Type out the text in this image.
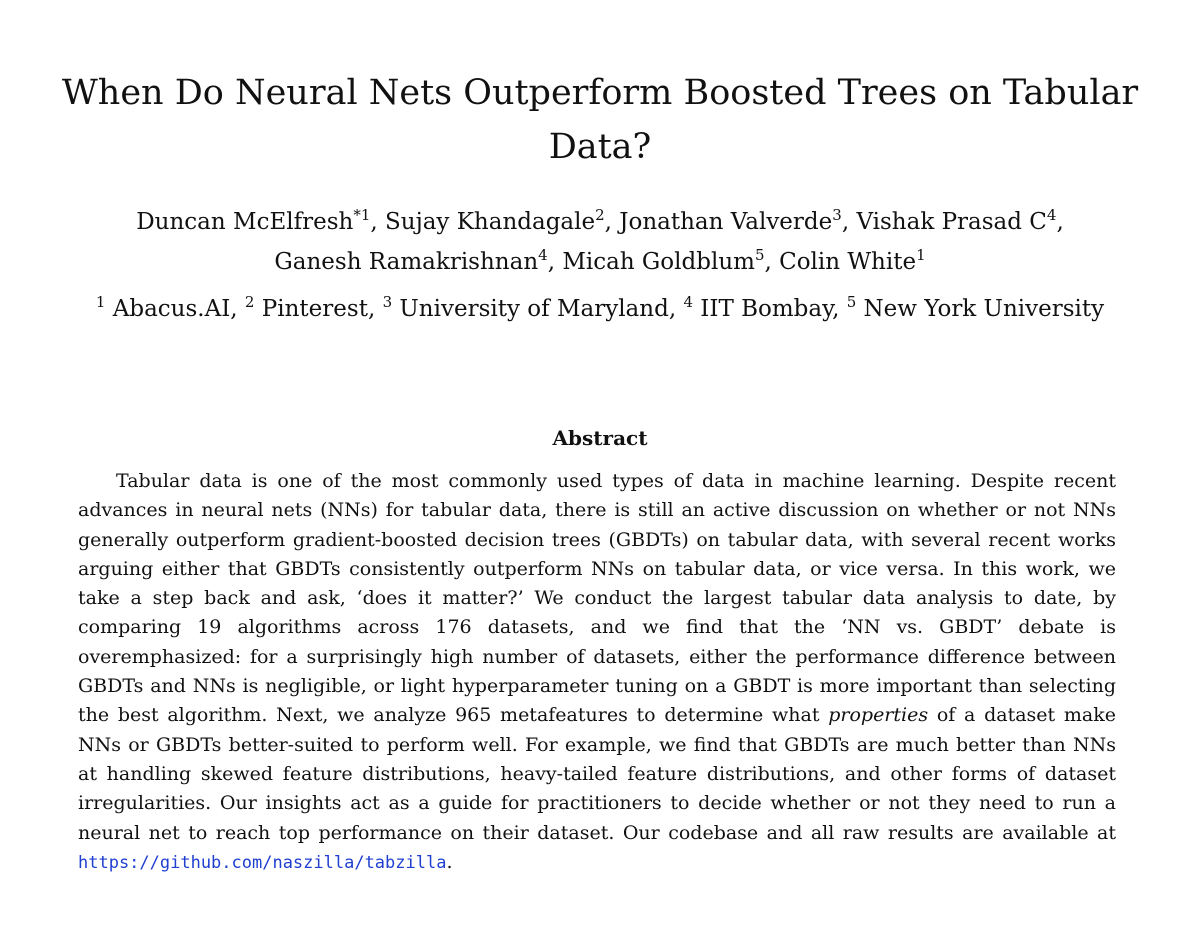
When Do Neural Nets Outperform Boosted Trees on Tabular Data?
Duncan McElfresh$^{*1}$, Sujay Khandagale$^2$, Jonathan Valverde$^3$, Vishak Prasad $C^4$,
Ganesh Ramakrishnan$^4$, Micah Goldblum$^5$, Colin White$^1$
$^1$ Abacus.AI, $^2$ Pinterest, $^3$ University of Maryland, $^4$ IIT Bombay, $^5$ New York University
Abstract

Tabular data is one of the most commonly used types of data in machine learning. Despite recent advances in neural nets (NNs) for tabular data, there is still an active discussion on whether or not NNs generally outperform gradient-boosted decision trees (GBDTs) on tabular data, with several recent works arguing either that GBDTs consistently outperform NNs on tabular data, or vice versa. In this work, we take a step back and ask, ‘does it matter?’ We conduct the largest tabular data analysis to date, by comparing 19 algorithms across 176 datasets, and we find that the ‘NN vs. GBDT’ debate is overemphasized: for a surprisingly high number of datasets, either the performance difference between GBDTs and NNs is negligible, or light hyperparameter tuning on a GBDT is more important than selecting the best algorithm. Next, we analyze 965 metafeatures to determine what properties of a dataset make NNs or GBDTs better-suited to perform well. For example, we find that GBDTs are much better than NNs at handling skewed feature distributions, heavy-tailed feature distributions, and other forms of dataset irregularities. Our insights act as a guide for practitioners to decide whether or not they need to run a neural net to reach top performance on their dataset. Our codebase and all raw results are available at https://github.com/naszilla/tabzilla.
